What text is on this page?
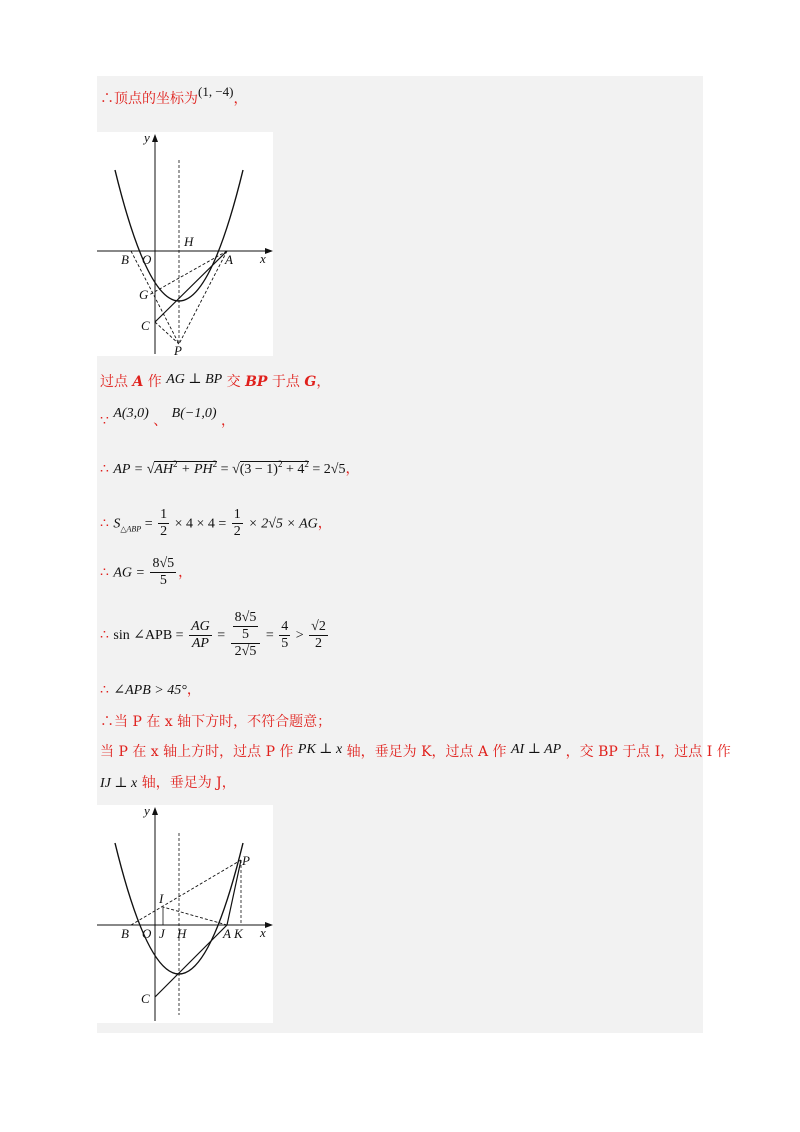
∴顶点的坐标为(1, −4)，
y
x
H
B O	A
G
C
P
过点 A 作 AG ⊥ BP 交 BP 于点 G，
∵ A(3,0) 、 B(−1,0) ，
∴ AP = $√AH^2 + PH^2 = √(3 - 1)^2 + 4^2 = 2√5$，
∴ $S_{\triangle ABP} = \frac{1}{2} \times 4 \times 4 = \frac{1}{2} \times 2√5$ × AG，
∴ AG = $\frac{8√5}{5}$ ，
∴ sin ∠APB = $\frac{AG}{AP} = \frac{\frac{8√5}{5}}{2√5} = \frac{4}{5} > \frac{√2}{2}$
∴ ∠APB > 45°，
∴当 P 在 x 轴下方时，不符合题意；
当 P 在 x 轴上方时，过点 P 作 PK ⊥ x 轴，垂足为 K，过点 A 作 AI ⊥ AP ，交 BP 于点 I，过点 I 作
IJ ⊥ x 轴，垂足为 J，
y
x
P
I
B O J H	A K
C
